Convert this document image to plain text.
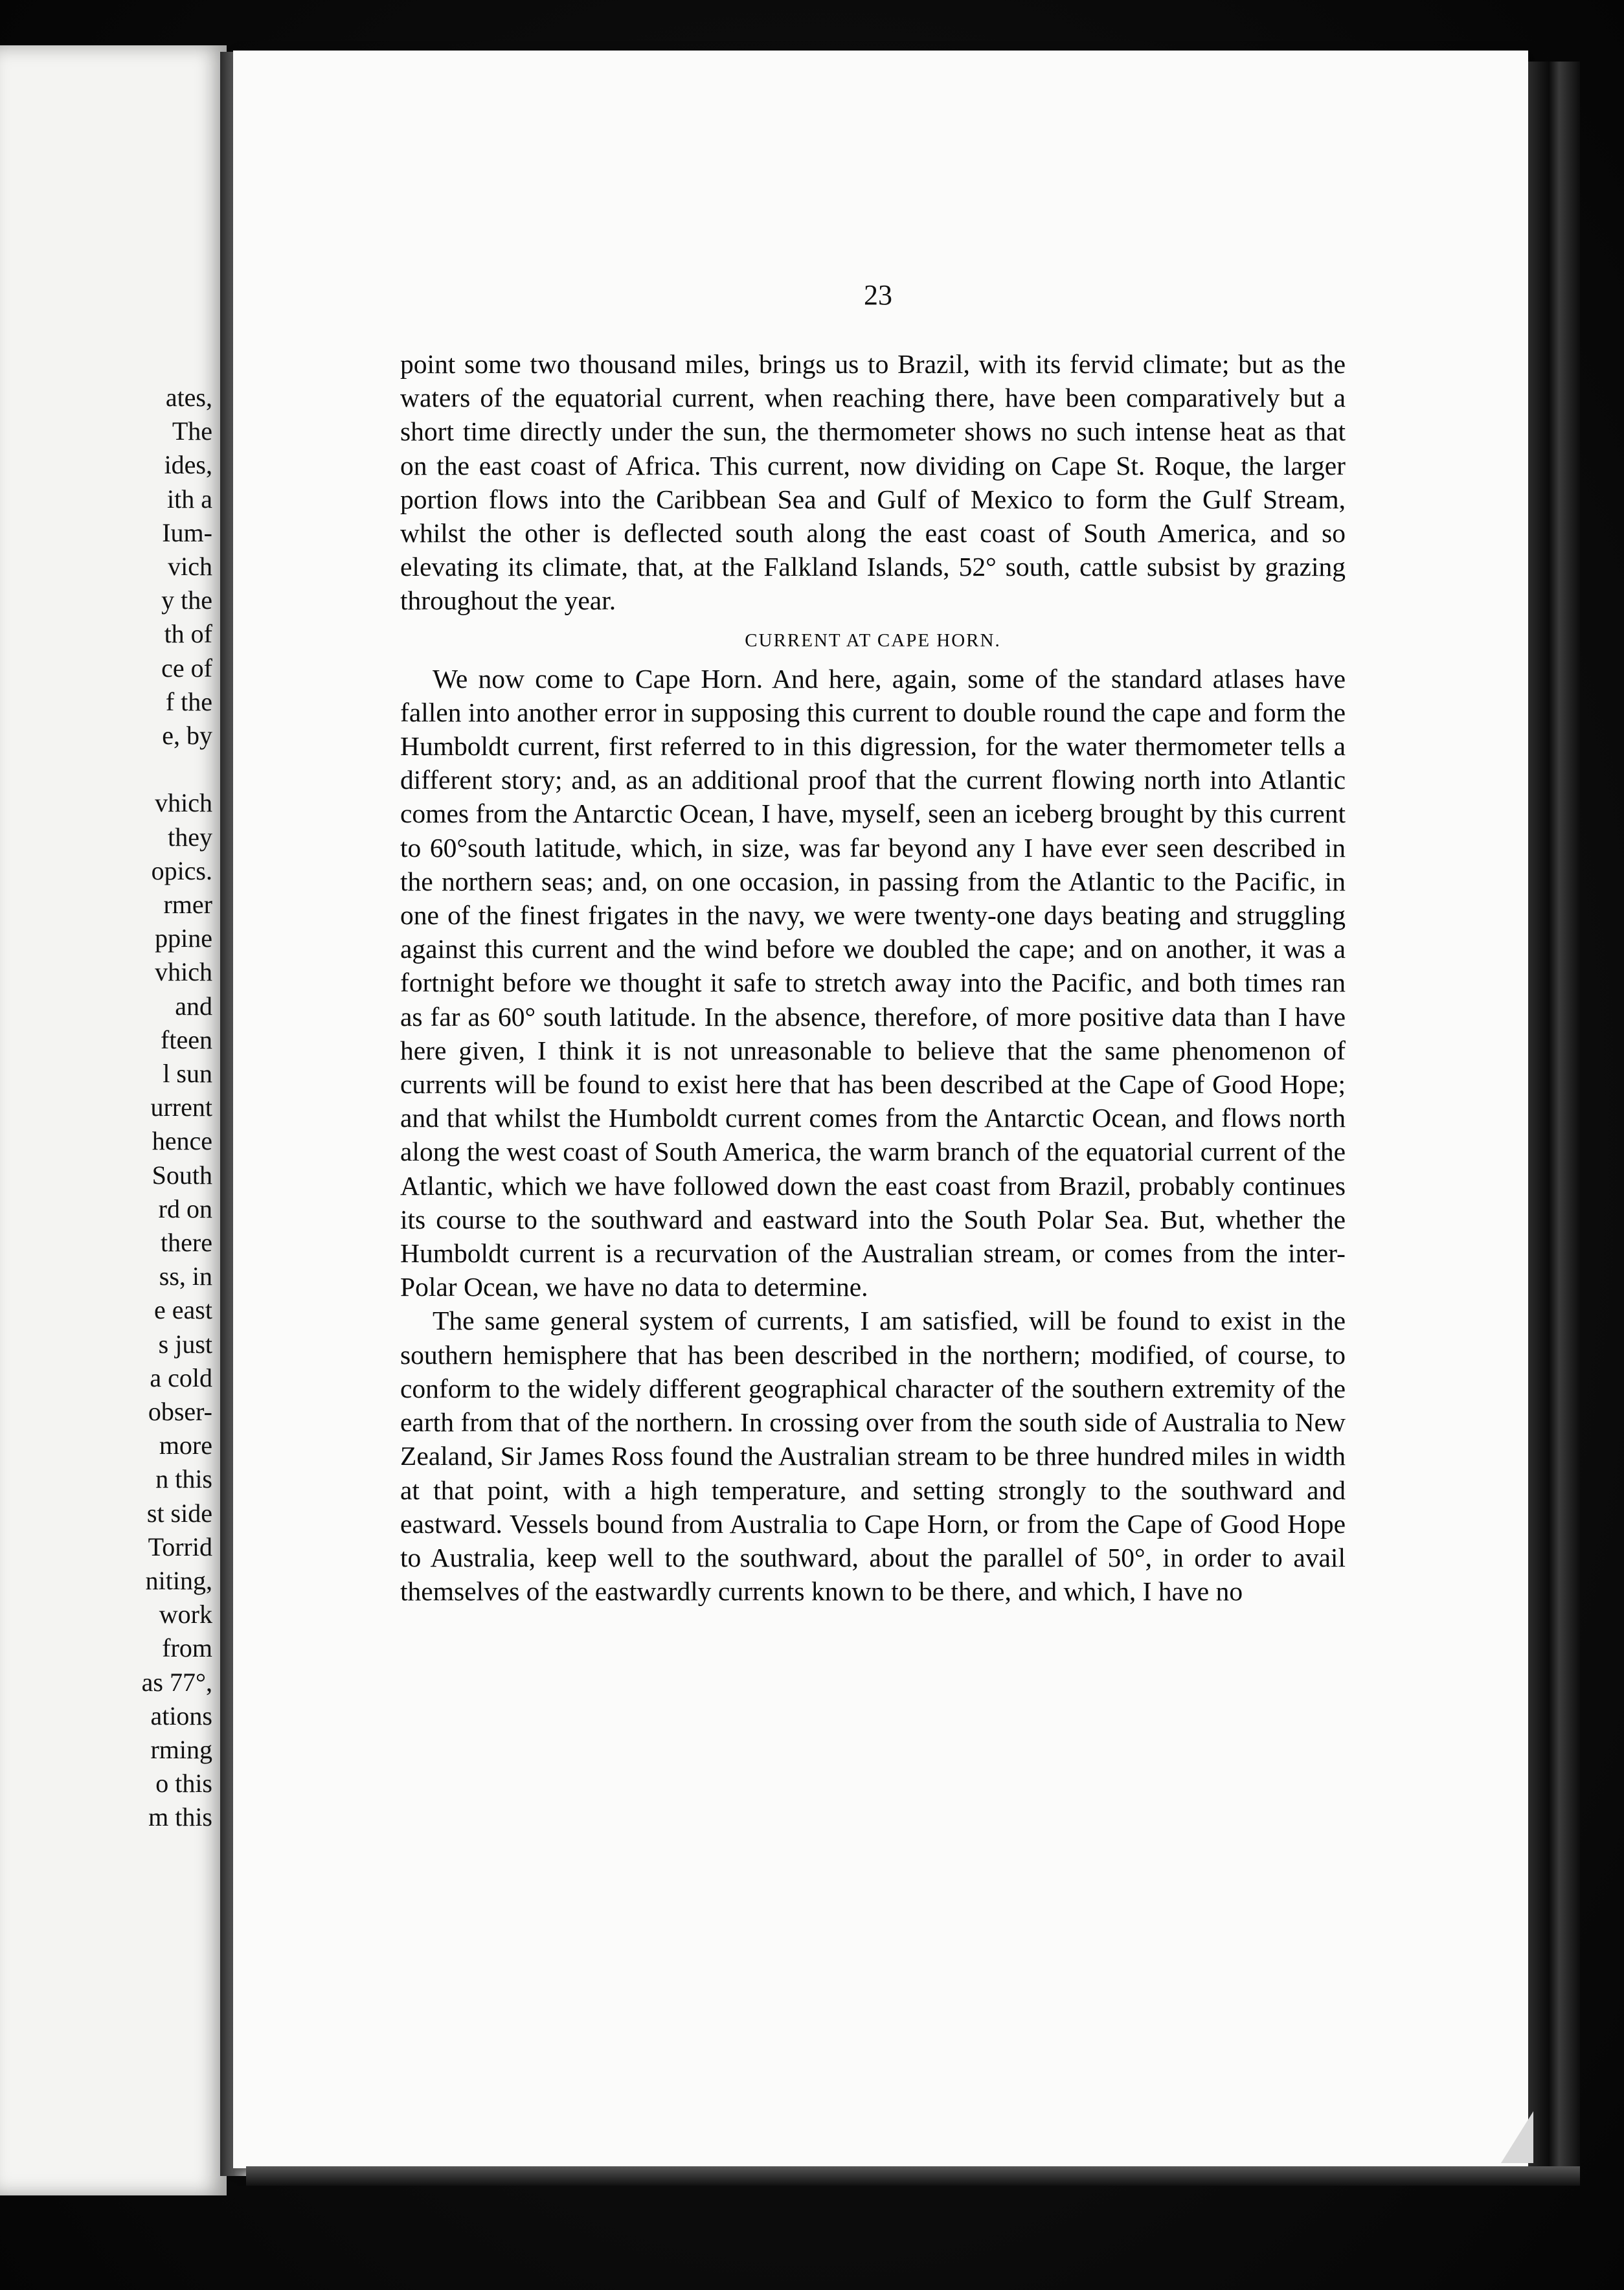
ates,
The
ides,
ith a
Ium-
vich
y the
th of
ce of
f the
e, by
vhich
they
opics.
rmer
ppine
vhich
and
fteen
l sun
urrent
hence
South
rd on
there
ss, in
e east
s just
a cold
obser-
more
n this
st side
Torrid
niting,
work
from
as 77°,
ations
rming
o this
m this
23

point some two thousand miles, brings us to Brazil, with its fervid climate; but as the waters of the equatorial current, when reaching there, have been comparatively but a short time directly under the sun, the thermometer shows no such intense heat as that on the east coast of Africa. This current, now dividing on Cape St. Roque, the larger portion flows into the Caribbean Sea and Gulf of Mexico to form the Gulf Stream, whilst the other is deflected south along the east coast of South America, and so elevating its climate, that, at the Falkland Islands, 52° south, cattle subsist by grazing throughout the year.

CURRENT AT CAPE HORN.

We now come to Cape Horn. And here, again, some of the standard atlases have fallen into another error in supposing this current to double round the cape and form the Humboldt current, first referred to in this digression, for the water thermometer tells a different story; and, as an additional proof that the current flowing north into Atlantic comes from the Antarctic Ocean, I have, myself, seen an iceberg brought by this current to 60°south latitude, which, in size, was far beyond any I have ever seen described in the northern seas; and, on one occasion, in passing from the Atlantic to the Pacific, in one of the finest frigates in the navy, we were twenty-one days beating and struggling against this current and the wind before we doubled the cape; and on another, it was a fortnight before we thought it safe to stretch away into the Pacific, and both times ran as far as 60° south latitude. In the absence, therefore, of more positive data than I have here given, I think it is not unreasonable to believe that the same phenomenon of currents will be found to exist here that has been described at the Cape of Good Hope; and that whilst the Humboldt current comes from the Antarctic Ocean, and flows north along the west coast of South America, the warm branch of the equatorial current of the Atlantic, which we have followed down the east coast from Brazil, probably continues its course to the southward and eastward into the South Polar Sea. But, whether the Humboldt current is a recurvation of the Australian stream, or comes from the inter-Polar Ocean, we have no data to determine.

The same general system of currents, I am satisfied, will be found to exist in the southern hemisphere that has been described in the northern; modified, of course, to conform to the widely different geographical character of the southern extremity of the earth from that of the northern. In crossing over from the south side of Australia to New Zealand, Sir James Ross found the Australian stream to be three hundred miles in width at that point, with a high temperature, and setting strongly to the southward and eastward. Vessels bound from Australia to Cape Horn, or from the Cape of Good Hope to Australia, keep well to the southward, about the parallel of 50°, in order to avail themselves of the eastwardly currents known to be there, and which, I have no
